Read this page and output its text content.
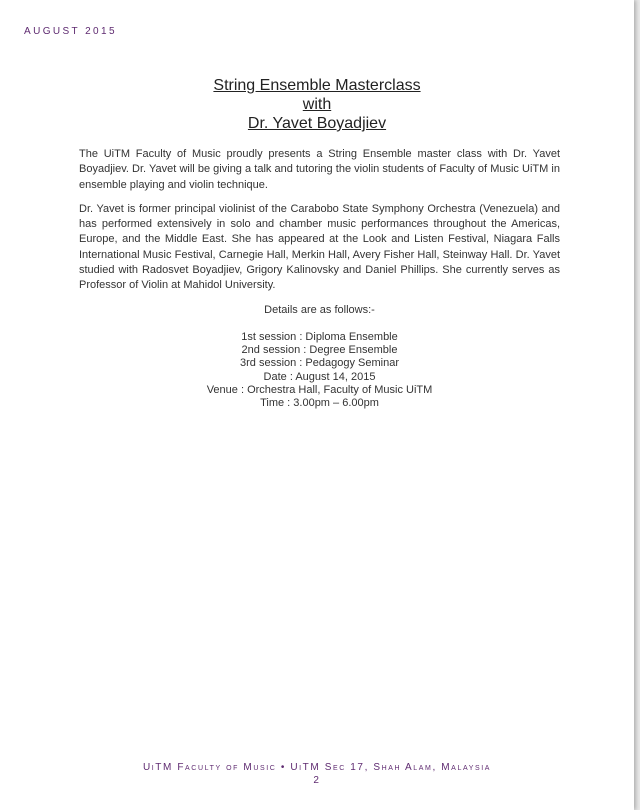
AUGUST 2015
String Ensemble Masterclass
with
Dr. Yavet Boyadjiev

The UiTM Faculty of Music proudly presents a String Ensemble master class with Dr. Yavet Boyadjiev. Dr. Yavet will be giving a talk and tutoring the violin students of Faculty of Music UiTM in ensemble playing and violin technique.

Dr. Yavet is former principal violinist of the Carabobo State Symphony Orchestra (Venezuela) and has performed extensively in solo and chamber music performances throughout the Americas, Europe, and the Middle East. She has appeared at the Look and Listen Festival, Niagara Falls International Music Festival, Carnegie Hall, Merkin Hall, Avery Fisher Hall, Steinway Hall. Dr. Yavet studied with Radosvet Boyadjiev, Grigory Kalinovsky and Daniel Phillips. She currently serves as Professor of Violin at Mahidol University.

Details are as follows:-
1st session : Diploma Ensemble
2nd session : Degree Ensemble
3rd session : Pedagogy Seminar
Date : August 14, 2015
Venue : Orchestra Hall, Faculty of Music UiTM
Time : 3.00pm – 6.00pm
UiTM Faculty of Music • UiTM Sec 17, Shah Alam, Malaysia
2
